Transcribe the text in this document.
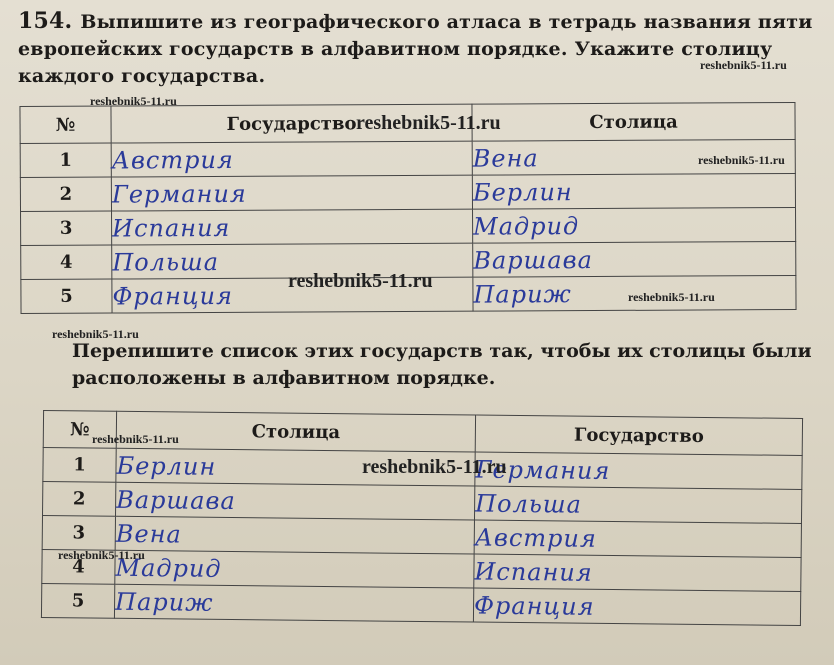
154. Выпишите из географического атласа в тетрадь названия пяти европейских государств в алфавитном порядке. Укажите столицу каждого государства.
№	Государство	Столица
1	Австрия	Вена
2	Германия	Берлин
3	Испания	Мадрид
4	Польша	Варшава
5	Франция	Париж
Перепишите список этих государств так, чтобы их столицы были расположены в алфавитном порядке.
№	Столица	Государство
1	Берлин	Германия
2	Варшава	Польша
3	Вена	Австрия
4	Мадрид	Испания
5	Париж	Франция
reshebnik5-11.ru
reshebnik5-11.ru
reshebnik5-11.ru
reshebnik5-11.ru
reshebnik5-11.ru
reshebnik5-11.ru
reshebnik5-11.ru
reshebnik5-11.ru
reshebnik5-11.ru
reshebnik5-11.ru
